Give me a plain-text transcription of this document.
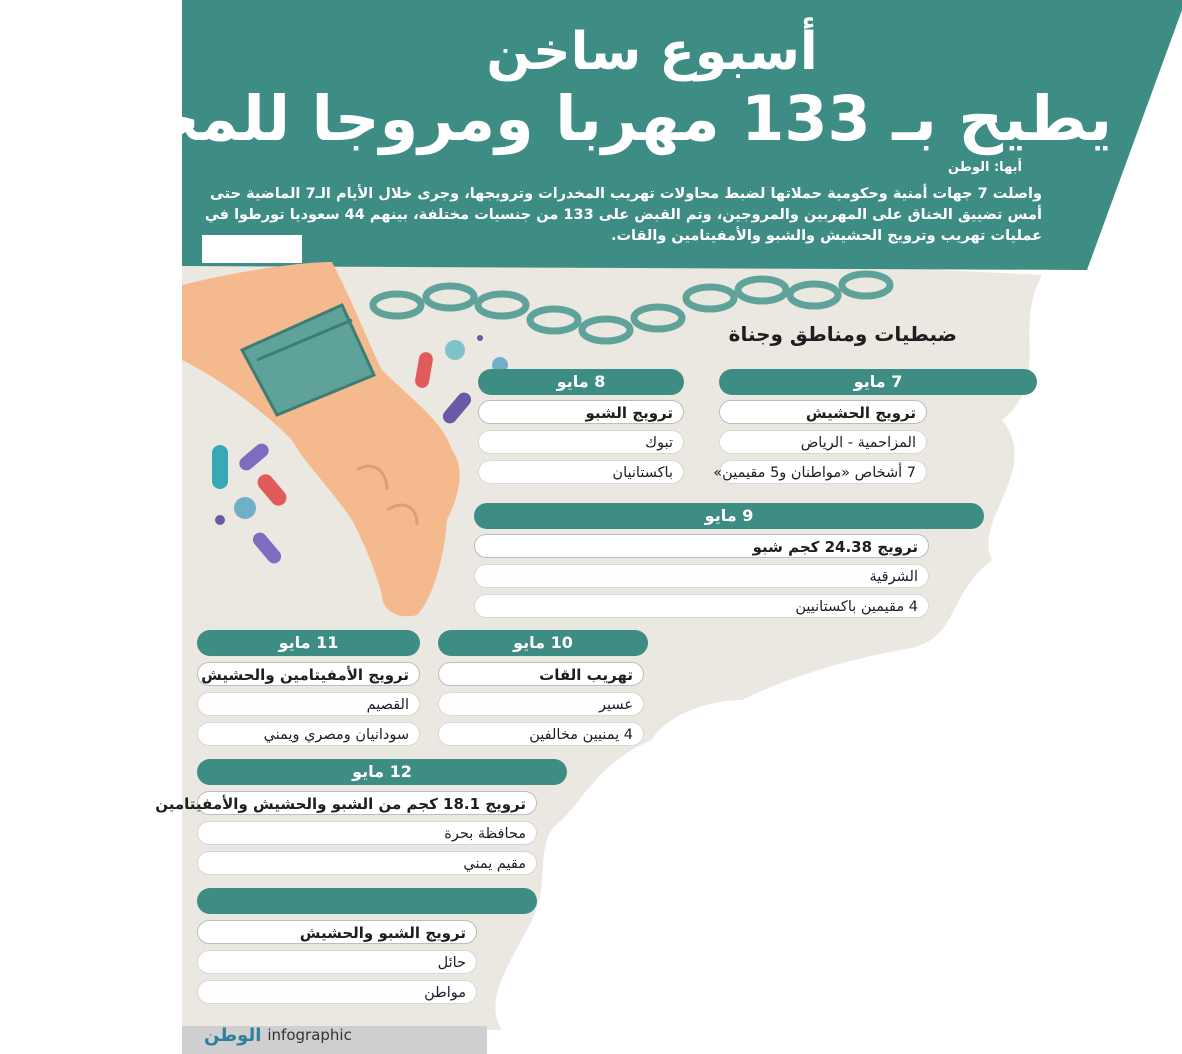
أسبوع ساخن
يطيح بـ 133 مهربا ومروجا للمخدرات
أبها: الوطن
واصلت 7 جهات أمنية وحكومية حملاتها لضبط محاولات تهريب المخدرات وترويجها، وجرى خلال الأيام الـ7 الماضية حتى أمس تضييق الخناق على المهربين والمروجين، وتم القبض على 133 من جنسيات مختلفة، بينهم 44 سعوديا تورطوا في عمليات تهريب وترويج الحشيش والشبو والأمفيتامين والقات.
ضبطيات ومناطق وجناة
7 مايو
ترويج الحشيش
المزاحمية - الرياض
7 أشخاص «مواطنان و5 مقيمين»
8 مايو
ترويج الشبو
تبوك
باكستانيان
9 مايو
ترويج 24.38 كجم شبو
الشرقية
4 مقيمين باكستانيين
10 مايو
تهريب القات
عسير
4 يمنيين مخالفين
11 مايو
ترويج الأمفيتامين والحشيش
القصيم
سودانيان ومصري ويمني
12 مايو
ترويج 18.1 كجم من الشبو والحشيش والأمفيتامين
محافظة بحرة
مقيم يمني
ترويج الشبو والحشيش
حائل
مواطن
الوطن infographic
